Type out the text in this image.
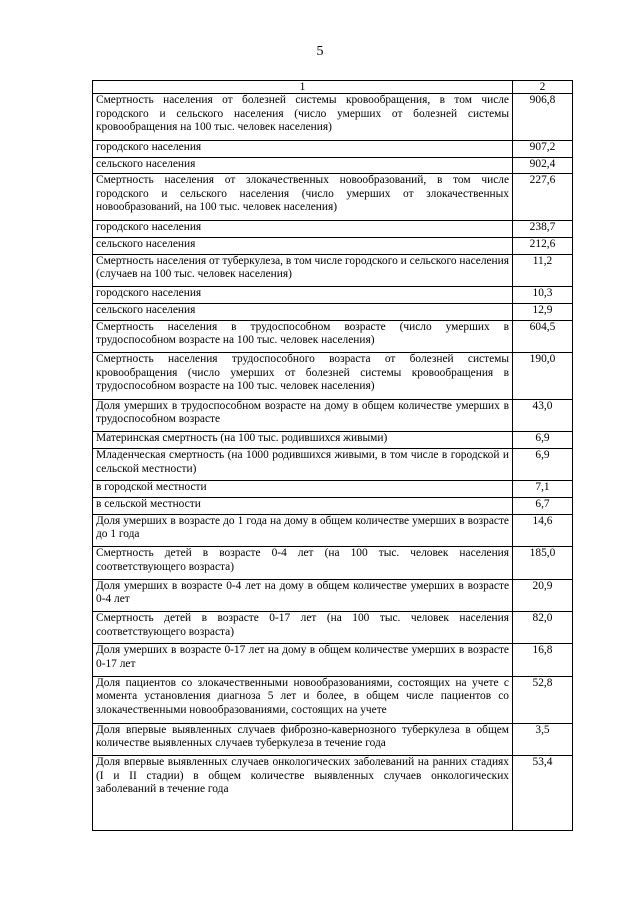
5
1	2
Смертность населения от болезней системы кровообращения, в том числе городского и сельского населения (число умерших от болезней системы кровообращения на 100 тыс. человек населения)	906,8
городского населения	907,2
сельского населения	902,4
Смертность населения от злокачественных новообразований, в том числе городского и сельского населения (число умерших от злокачественных новообразований, на 100 тыс. человек населения)	227,6
городского населения	238,7
сельского населения	212,6
Смертность населения от туберкулеза, в том числе городского и сельского населения (случаев на 100 тыс. человек населения)	11,2
городского населения	10,3
сельского населения	12,9
Смертность населения в трудоспособном возрасте (число умерших в трудоспособном возрасте на 100 тыс. человек населения)	604,5
Смертность населения трудоспособного возраста от болезней системы кровообращения (число умерших от болезней системы кровообращения в трудоспособном возрасте на 100 тыс. человек населения)	190,0
Доля умерших в трудоспособном возрасте на дому в общем количестве умерших в трудоспособном возрасте	43,0
Материнская смертность (на 100 тыс. родившихся живыми)	6,9
Младенческая смертность (на 1000 родившихся живыми, в том числе в городской и сельской местности)	6,9
в городской местности	7,1
в сельской местности	6,7
Доля умерших в возрасте до 1 года на дому в общем количестве умерших в возрасте до 1 года	14,6
Смертность детей в возрасте 0-4 лет (на 100 тыс. человек населения соответствующего возраста)	185,0
Доля умерших в возрасте 0-4 лет на дому в общем количестве умерших в возрасте 0-4 лет	20,9
Смертность детей в возрасте 0-17 лет (на 100 тыс. человек населения соответствующего возраста)	82,0
Доля умерших в возрасте 0-17 лет на дому в общем количестве умерших в возрасте 0-17 лет	16,8
Доля пациентов со злокачественными новообразованиями, состоящих на учете с момента установления диагноза 5 лет и более, в общем числе пациентов со злокачественными новообразованиями, состоящих на учете	52,8
Доля впервые выявленных случаев фиброзно-кавернозного туберкулеза в общем количестве выявленных случаев туберкулеза в течение года	3,5
Доля впервые выявленных случаев онкологических заболеваний на ранних стадиях (I и II стадии) в общем количестве выявленных случаев онкологических заболеваний в течение года	53,4
